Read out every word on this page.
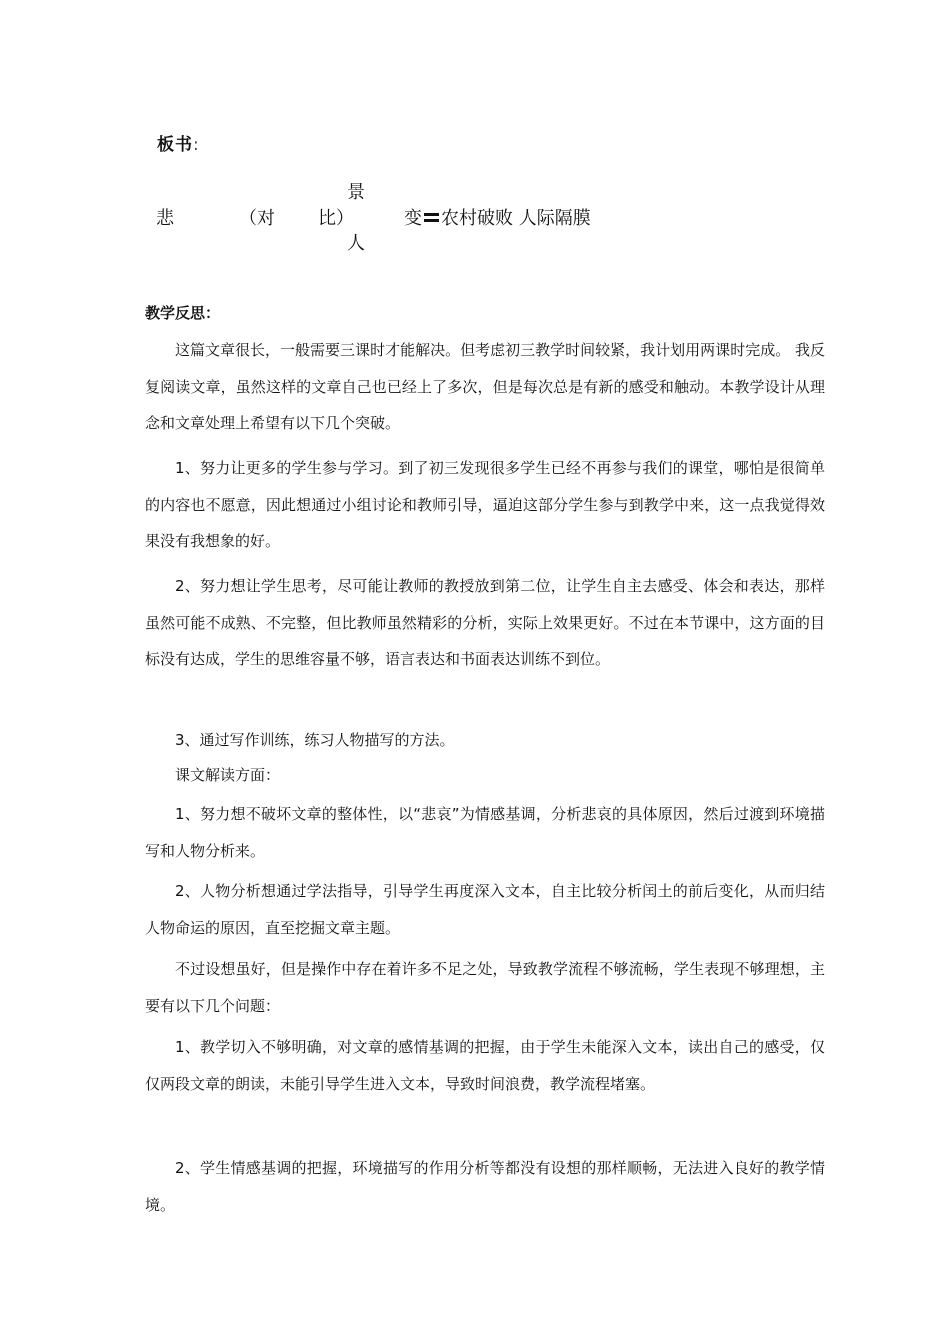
板书:
悲	（对 比）
景
人
变 农村破败 人际隔膜
教学反思：

这篇文章很长，一般需要三课时才能解决。但考虑初三教学时间较紧，我计划用两课时完成。 我反复阅读文章，虽然这样的文章自己也已经上了多次，但是每次总是有新的感受和触动。本教学设计从理念和文章处理上希望有以下几个突破。

1、努力让更多的学生参与学习。到了初三发现很多学生已经不再参与我们的课堂，哪怕是很简单的内容也不愿意，因此想通过小组讨论和教师引导，逼迫这部分学生参与到教学中来，这一点我觉得效果没有我想象的好。

2、努力想让学生思考，尽可能让教师的教授放到第二位，让学生自主去感受、体会和表达，那样虽然可能不成熟、不完整，但比教师虽然精彩的分析，实际上效果更好。不过在本节课中，这方面的目标没有达成，学生的思维容量不够，语言表达和书面表达训练不到位。

3、通过写作训练，练习人物描写的方法。

课文解读方面：

1、努力想不破坏文章的整体性，以“悲哀”为情感基调，分析悲哀的具体原因，然后过渡到环境描写和人物分析来。

2、人物分析想通过学法指导，引导学生再度深入文本，自主比较分析闰土的前后变化，从而归结人物命运的原因，直至挖掘文章主题。

不过设想虽好，但是操作中存在着许多不足之处，导致教学流程不够流畅，学生表现不够理想，主要有以下几个问题：

1、教学切入不够明确，对文章的感情基调的把握，由于学生未能深入文本，读出自己的感受，仅仅两段文章的朗读，未能引导学生进入文本，导致时间浪费，教学流程堵塞。

2、学生情感基调的把握，环境描写的作用分析等都没有设想的那样顺畅，无法进入良好的教学情境。
